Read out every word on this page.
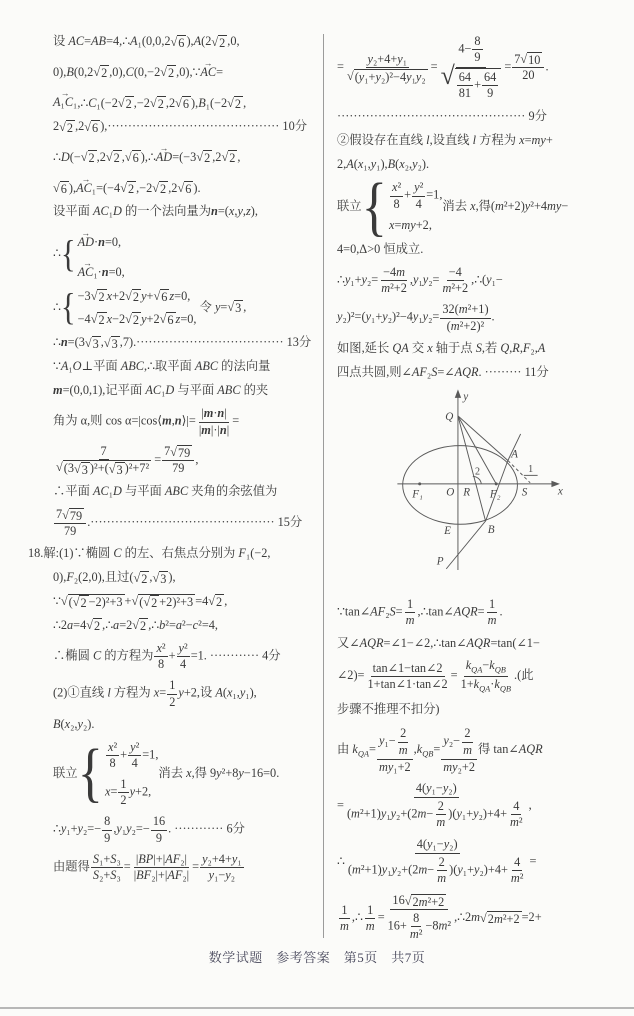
设 AC=AB=4,∴A₁(0,0,2 √ 6 ),A(2 √ 2 ,0,

0),B(0,2 √ 2 ,0),C(0,−2 √ 2 ,0),∵AC →=

A₁C₁ →,∴C₁(−2 √ 2 ,−2 √ 2 ,2 √ 6 ),B₁(−2 √ 2 ,

2 √ 2 ,2 √ 6 ),·········································· 10分

∴D(− √ 2 ,2 √ 2 , √ 6 ),∴AD →=(−3 √ 2 ,2 √ 2 ,

√ 6 ),AC₁ →=(−4 √ 2 ,−2 √ 2 ,2 √ 6 ).

设平面 AC₁D 的一个法向量为n=(x,y,z),

∴ { AD →·n=0,
AC₁ →·n=0,

∴ { −3 √ 2 x+2 √ 2 y+ √ 6 z=0,
−4 √ 2 x−2 √ 2 y+2 √ 6 z=0,
令 y= √ 3 ,

∴n=(3 √ 3 , √ 3 ,7).···································· 13分

∵A₁O⊥平面 ABC,∴取平面 ABC 的法向量

m=(0,0,1),记平面 AC₁D 与平面 ABC 的夹

角为 α,则 cos α=|cos⟨m,n⟩|= $\frac{|m\cdot n|}{|m|\cdot|n|}$ =

$\frac{7}{\text{√ (3 √ 3 )²+( √ 3 )²+7²}} = \frac{7 √ 79}{79}$ ,

∴平面 AC₁D 与平面 ABC 夹角的余弦值为

$\frac{7 √ 79}{79}$ .············································· 15分

18.解:(1)∵椭圆 C 的左、右焦点分别为 F₁(−2,

0),F₂(2,0),且过( √ 2 , √ 3 ),

∵ √ ( √ 2 −2)²+3 + √ ( √ 2 +2)²+3 =4 √ 2 ,

∴2a=4 √ 2 ,∴a=2 √ 2 ,∴b²=a²−c²=4,

∴椭圆 C 的方程为 $\frac{\text{x²}}{8} + \frac{\text{y²}}{4} =1$. ············ 4分

(2)①直线 l 方程为 $x= \frac{1}{2} y+2$,设 A(x₁,y₁),

B(x₂,y₂).

联立 { $\frac{\text{x²}}{8} + \frac{\text{y²}}{4} =1$,
$x= \frac{1}{2} y+2$,
消去 x,得 9y²+8y−16=0.

∴y₁+y₂=− $\frac{8}{9} ,y_1y_2=- \frac{16}{9}$ . ············ 6分

由题得 $\frac{\text{S₁+S₃}}{\text{S₂+S₃}} = \frac{\text{|BP|+|AF₂|}}{\text{|BF₂|+|AF₂|}} = \frac{\text{y₂+4+y₁}}{\text{y₁−y₂}}$

= $\frac{\text{y₂+4+y₁}}{\text{√ (y₁+y₂)²−4y₁y₂}} = \frac{4- \frac{8}{9}}{√ \frac{64}{81} + \frac{64}{9}} = \frac{7 √ 10}{20}$ .

·············································· 9分

②假设存在直线 l,设直线 l 方程为 x=my+

2,A(x₁,y₁),B(x₂,y₂).

联立 { $\frac{\text{x²}}{8} + \frac{\text{y²}}{4} =1$,
x=my+2,
消去 x,得(m²+2)y²+4my−

4=0,Δ>0 恒成立.

∴y₁+y₂= $\frac{-4m}{\text{m²+2}} ,y_1y_2= \frac{-4}{\text{m²+2}}$ ,∴(y₁−

$y_2)^2=(y_1+y_2)^2-4y_1y_2= \frac{\text{32(m²+1)}}{\text{(m²+2)²}}$ .

如图,延长 QA 交 x 轴于点 S,若 Q,R,F₂,A

四点共圆,则∠AF₂S=∠AQR. ········· 11分

Q
y
x
O R
F₁	F₂ S
A
B
E
P
2	1

∵tan∠AF₂S= $\frac{1}{m}$ ,∴tan∠AQR= $\frac{1}{m}$ .

又∠AQR=∠1−∠2,∴tan∠AQR=tan(∠1−

∠2)= $\frac{\tan\angle 1-\tan\angle 2}{1+\tan\angle 1\cdot\tan\angle 2} = \frac{k_{QA}-k_{QB}}{1+k_{QA}\cdot k_{QB}}$ .(此

步骤不推理不扣分)

由 $k_{QA}= \frac{y_1- \frac{2}{m}}{\text{my₁+2}} ,k_{QB}= \frac{y_2- \frac{2}{m}}{\text{my₂+2}}$ 得 tan∠AQR

= $\frac{\text{4(y₁−y₂)}}{(m^2+1)y_1y_2+(2m- \frac{2}{m} )(y_1+y_2)+4+ \frac{4}{\text{m²}}}$ ,

∴ $\frac{\text{4(y₁−y₂)}}{(m^2+1)y_1y_2+(2m- \frac{2}{m} )(y_1+y_2)+4+ \frac{4}{\text{m²}}}$ =

$\frac{1}{m}$ ,∴ $\frac{1}{m} = \frac{\text{16 √ 2m²+2}}{16+ \frac{8}{\text{m²}} -8m^2}$ ,∴2m √ 2m²+2 =2+

数学试题　参考答案　第5页　共7页
